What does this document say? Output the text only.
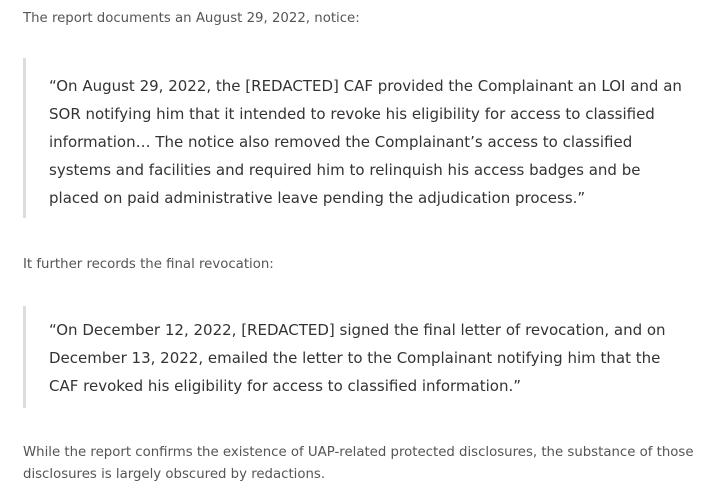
The report documents an August 29, 2022, notice:

“On August 29, 2022, the [REDACTED] CAF provided the Complainant an LOI and an SOR notifying him that it intended to revoke his eligibility for access to classified information… The notice also removed the Complainant’s access to classified systems and facilities and required him to relinquish his access badges and be placed on paid administrative leave pending the adjudication process.”

It further records the final revocation:

“On December 12, 2022, [REDACTED] signed the final letter of revocation, and on December 13, 2022, emailed the letter to the Complainant notifying him that the CAF revoked his eligibility for access to classified information.”

While the report confirms the existence of UAP-related protected disclosures, the substance of those disclosures is largely obscured by redactions.
